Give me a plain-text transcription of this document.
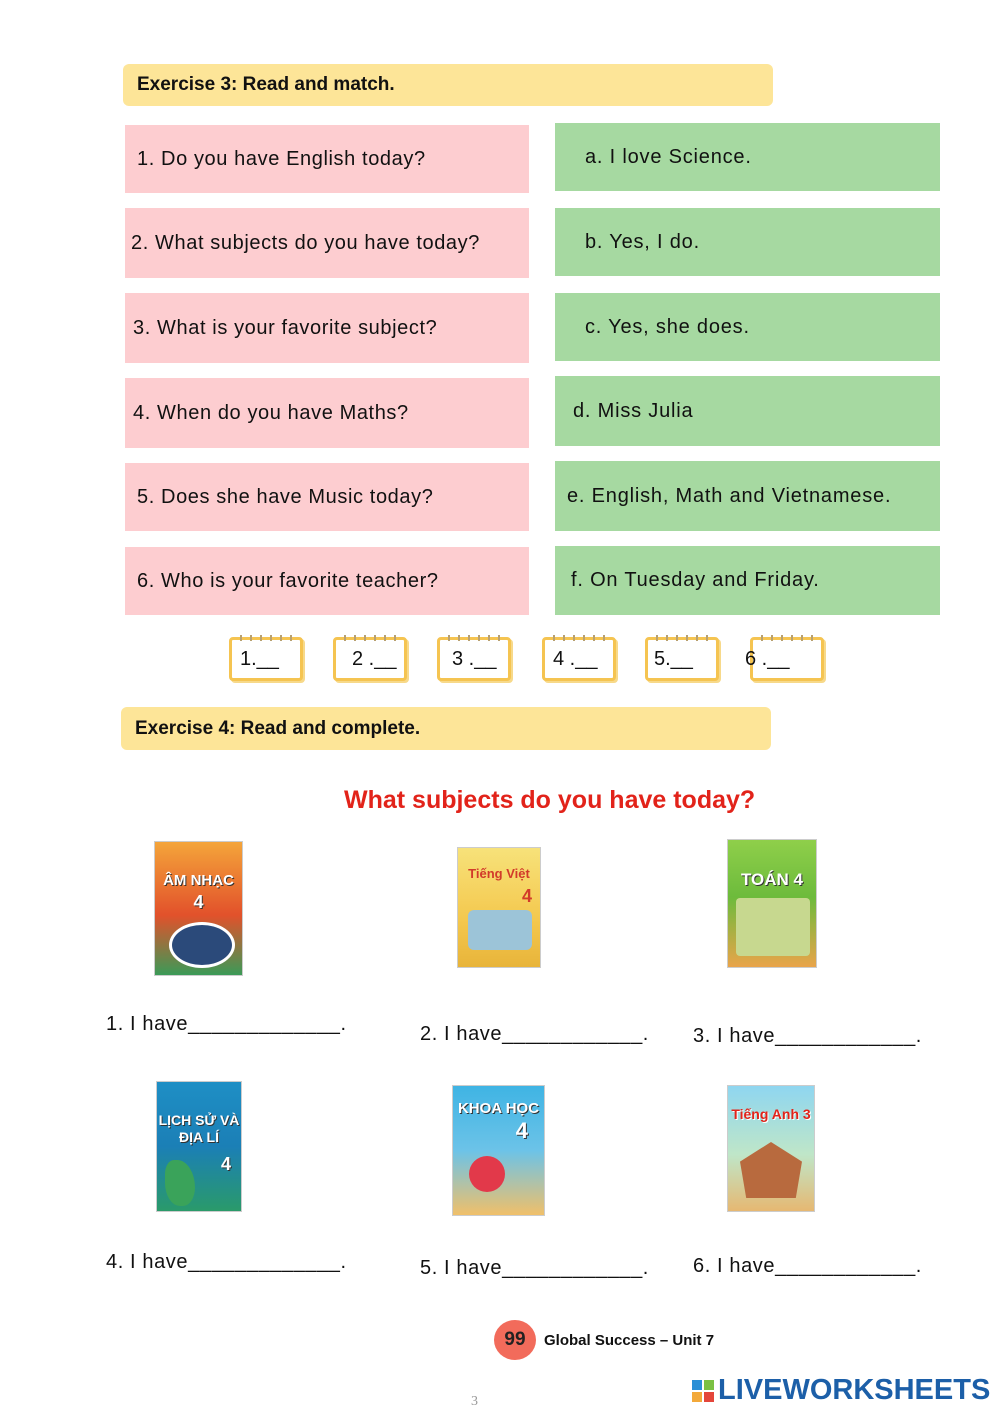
Exercise 3: Read and match.
1. Do you have English today?
2. What subjects do you have today?
3. What is your favorite subject?
4. When do you have Maths?
5. Does she have Music today?
6. Who is your favorite teacher?
a. I love Science.
b. Yes, I do.
c. Yes, she does.
d. Miss Julia
e. English, Math and Vietnamese.
f. On Tuesday and Friday.
1.__	2 .__	3 .__	4 .__	5.__	6 .__
Exercise 4: Read and complete.
What subjects do you have today?
ÂM NHẠC
4
Tiếng Việt
4
TOÁN 4
1. I have_____________.	2. I have____________. 3. I have____________.
LỊCH SỬ VÀ ĐỊA LÍ
4
KHOA HỌC
4
Tiếng Anh 3
4. I have_____________.	5. I have____________. 6. I have____________.
99 Global Success – Unit 7
3	LIVEWORKSHEETS
